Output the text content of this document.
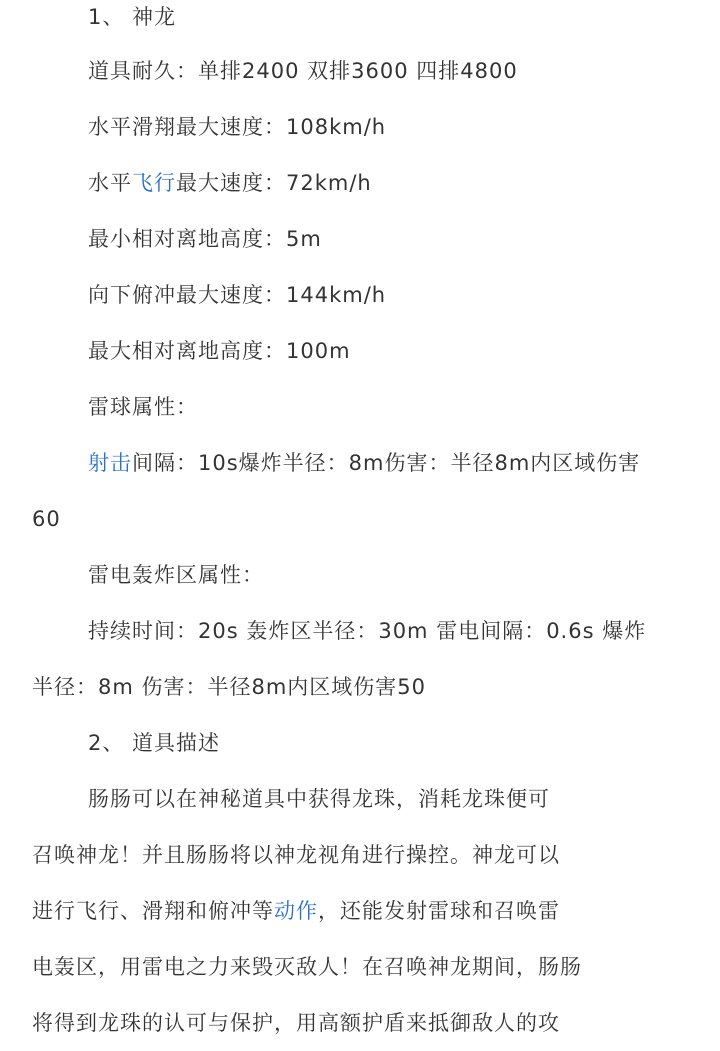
1、 神龙
道具耐久：单排2400 双排3600 四排4800
水平滑翔最大速度：108km/h
水平飞行最大速度：72km/h
最小相对离地高度：5m
向下俯冲最大速度：144km/h
最大相对离地高度：100m
雷球属性：
射击间隔：10s爆炸半径：8m伤害：半径8m内区域伤害
60
雷电轰炸区属性：
持续时间：20s 轰炸区半径：30m 雷电间隔：0.6s 爆炸
半径：8m 伤害：半径8m内区域伤害50
2、 道具描述
肠肠可以在神秘道具中获得龙珠，消耗龙珠便可
召唤神龙！并且肠肠将以神龙视角进行操控。神龙可以
进行飞行、滑翔和俯冲等动作，还能发射雷球和召唤雷
电轰区，用雷电之力来毁灭敌人！在召唤神龙期间，肠肠
将得到龙珠的认可与保护，用高额护盾来抵御敌人的攻
